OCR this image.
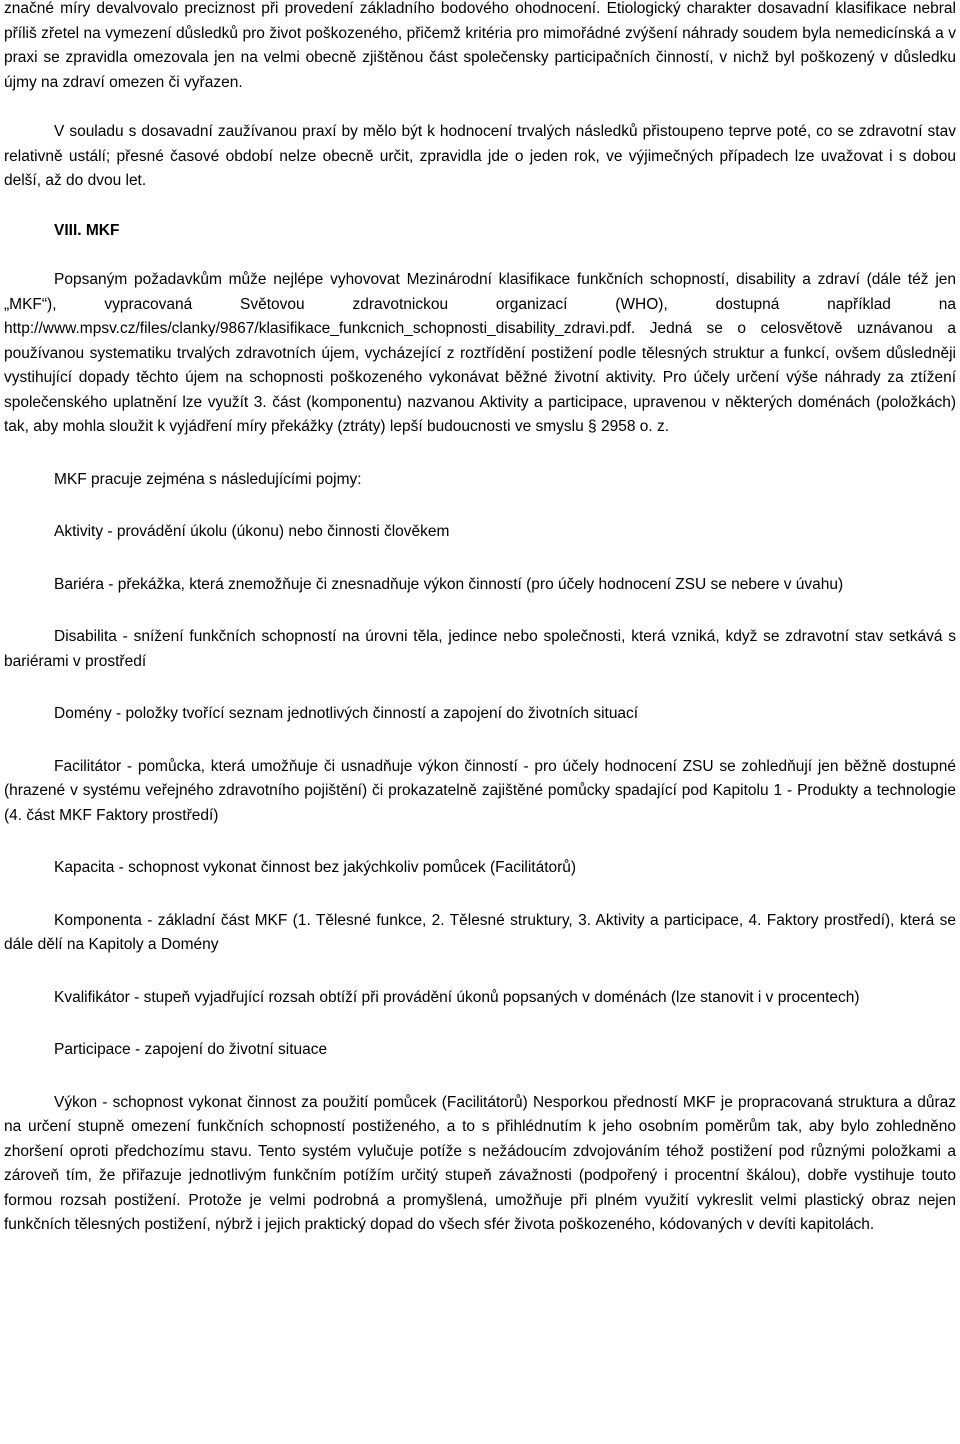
značné míry devalvovalo preciznost při provedení základního bodového ohodnocení. Etiologický charakter dosavadní klasifikace nebral příliš zřetel na vymezení důsledků pro život poškozeného, přičemž kritéria pro mimořádné zvýšení náhrady soudem byla nemedicínská a v praxi se zpravidla omezovala jen na velmi obecně zjištěnou část společensky participačních činností, v nichž byl poškozený v důsledku újmy na zdraví omezen či vyřazen.

V souladu s dosavadní zaužívanou praxí by mělo být k hodnocení trvalých následků přistoupeno teprve poté, co se zdravotní stav relativně ustálí; přesné časové období nelze obecně určit, zpravidla jde o jeden rok, ve výjimečných případech lze uvažovat i s dobou delší, až do dvou let.

VIII. MKF

Popsaným požadavkům může nejlépe vyhovovat Mezinárodní klasifikace funkčních schopností, disability a zdraví (dále též jen „MKF“), vypracovaná Světovou zdravotnickou organizací (WHO), dostupná například na http://www.mpsv.cz/files/clanky/9867/klasifikace_funkcnich_schopnosti_disability_zdravi.pdf. Jedná se o celosvětově uznávanou a používanou systematiku trvalých zdravotních újem, vycházející z roztřídění postižení podle tělesných struktur a funkcí, ovšem důsledněji vystihující dopady těchto újem na schopnosti poškozeného vykonávat běžné životní aktivity. Pro účely určení výše náhrady za ztížení společenského uplatnění lze využít 3. část (komponentu) nazvanou Aktivity a participace, upravenou v některých doménách (položkách) tak, aby mohla sloužit k vyjádření míry překážky (ztráty) lepší budoucnosti ve smyslu § 2958 o. z.

MKF pracuje zejména s následujícími pojmy:

Aktivity - provádění úkolu (úkonu) nebo činnosti člověkem

Bariéra - překážka, která znemožňuje či znesnadňuje výkon činností (pro účely hodnocení ZSU se nebere v úvahu)

Disabilita - snížení funkčních schopností na úrovni těla, jedince nebo společnosti, která vzniká, když se zdravotní stav setkává s bariérami v prostředí

Domény - položky tvořící seznam jednotlivých činností a zapojení do životních situací

Facilitátor - pomůcka, která umožňuje či usnadňuje výkon činností - pro účely hodnocení ZSU se zohledňují jen běžně dostupné (hrazené v systému veřejného zdravotního pojištění) či prokazatelně zajištěné pomůcky spadající pod Kapitolu 1 - Produkty a technologie (4. část MKF Faktory prostředí)

Kapacita - schopnost vykonat činnost bez jakýchkoliv pomůcek (Facilitátorů)

Komponenta - základní část MKF (1. Tělesné funkce, 2. Tělesné struktury, 3. Aktivity a participace, 4. Faktory prostředí), která se dále dělí na Kapitoly a Domény

Kvalifikátor - stupeň vyjadřující rozsah obtíží při provádění úkonů popsaných v doménách (lze stanovit i v procentech)

Participace - zapojení do životní situace

Výkon - schopnost vykonat činnost za použití pomůcek (Facilitátorů) Nesporkou předností MKF je propracovaná struktura a důraz na určení stupně omezení funkčních schopností postiženého, a to s přihlédnutím k jeho osobním poměrům tak, aby bylo zohledněno zhoršení oproti předchozímu stavu. Tento systém vylučuje potíže s nežádoucím zdvojováním téhož postižení pod různými položkami a zároveň tím, že přiřazuje jednotlivým funkčním potížím určitý stupeň závažnosti (podpořený i procentní škálou), dobře vystihuje touto formou rozsah postižení. Protože je velmi podrobná a promyšlená, umožňuje při plném využití vykreslit velmi plastický obraz nejen funkčních tělesných postižení, nýbrž i jejich praktický dopad do všech sfér života poškozeného, kódovaných v devíti kapitolách.
